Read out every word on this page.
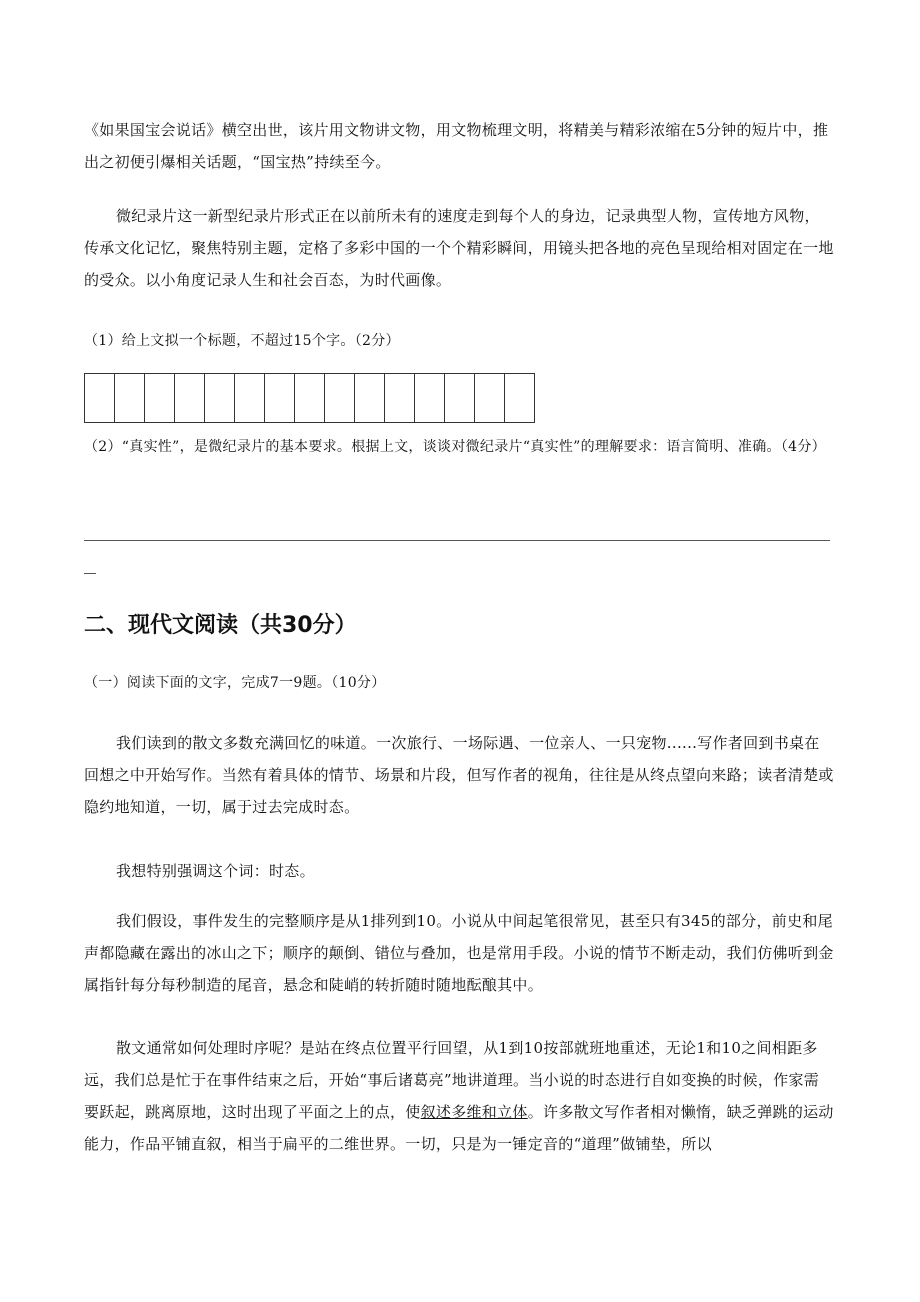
《如果国宝会说话》横空出世，该片用文物讲文物，用文物梳理文明，将精美与精彩浓缩在5分钟的短片中，推出之初便引爆相关话题，“国宝热”持续至今。
微纪录片这一新型纪录片形式正在以前所未有的速度走到每个人的身边，记录典型人物，宣传地方风物，传承文化记忆，聚焦特别主题，定格了多彩中国的一个个精彩瞬间，用镜头把各地的亮色呈现给相对固定在一地的受众。以小角度记录人生和社会百态，为时代画像。
（1）给上文拟一个标题，不超过15个字。（2分）
（2）“真实性”，是微纪录片的基本要求。根据上文，谈谈对微纪录片“真实性”的理解要求：语言简明、准确。（4分）
二、现代文阅读（共30分）
（一）阅读下面的文字，完成7一9题。（10分）
我们读到的散文多数充满回忆的味道。一次旅行、一场际遇、一位亲人、一只宠物......写作者回到书桌在回想之中开始写作。当然有着具体的情节、场景和片段，但写作者的视角，往往是从终点望向来路；读者清楚或隐约地知道，一切，属于过去完成时态。
我想特别强调这个词：时态。
我们假设，事件发生的完整顺序是从1排列到10。小说从中间起笔很常见，甚至只有345的部分，前史和尾声都隐藏在露出的冰山之下；顺序的颠倒、错位与叠加，也是常用手段。小说的情节不断走动，我们仿佛听到金属指针每分每秒制造的尾音，悬念和陡峭的转折随时随地酝酿其中。
散文通常如何处理时序呢？是站在终点位置平行回望，从1到10按部就班地重述，无论1和10之间相距多远，我们总是忙于在事件结束之后，开始“事后诸葛亮”地讲道理。当小说的时态进行自如变换的时候，作家需要跃起，跳离原地，这时出现了平面之上的点，使叙述多维和立体。许多散文写作者相对懒惰，缺乏弹跳的运动能力，作品平铺直叙，相当于扁平的二维世界。一切，只是为一锤定音的“道理”做铺垫，所以
